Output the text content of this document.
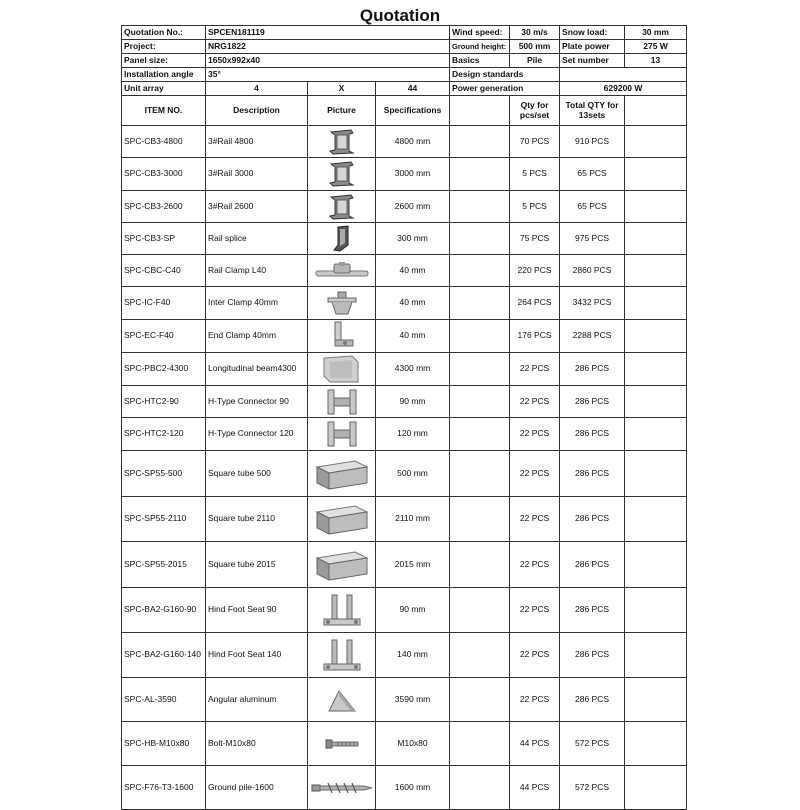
Quotation
Quotation No.:	SPCEN181119			Wind speed:	30 m/s	Snow load:	30 mm
Project:	NRG1822			Ground height:	500 mm	Plate power	275 W
Panel size:	1650x992x40			Basics	Pile	Set number	13
Installation angle	35°			Design standards			
Unit array	4	X	44	Power generation		629200 W	
ITEM NO.	Description	Picture	Specifications		Qty for pcs/set	Total QTY for 13sets	
SPC-CB3-4800	3#Rail 4800		4800 mm		70 PCS	910 PCS	
SPC-CB3-3000	3#Rail 3000		3000 mm		5 PCS	65 PCS	
SPC-CB3-2600	3#Rail 2600		2600 mm		5 PCS	65 PCS	
SPC-CB3-SP	Rail splice		300 mm		75 PCS	975 PCS	
SPC-CBC-C40	Rail Clamp L40		40 mm		220 PCS	2860 PCS	
SPC-IC-F40	Inter Clamp 40mm		40 mm		264 PCS	3432 PCS	
SPC-EC-F40	End Clamp 40mm		40 mm		176 PCS	2288 PCS	
SPC-PBC2-4300	Longitudinal beam4300		4300 mm		22 PCS	286 PCS	
SPC-HTC2-90	H-Type Connector 90		90 mm		22 PCS	286 PCS	
SPC-HTC2-120	H-Type Connector 120		120 mm		22 PCS	286 PCS	
SPC-SP55-500	Square tube 500		500 mm		22 PCS	286 PCS	
SPC-SP55-2110	Square tube 2110		2110 mm		22 PCS	286 PCS	
SPC-SP55-2015	Square tube 2015		2015 mm		22 PCS	286 PCS	
SPC-BA2-G160-90	Hind Foot Seat 90		90 mm		22 PCS	286 PCS	
SPC-BA2-G160-140	Hind Foot Seat 140		140 mm		22 PCS	286 PCS	
SPC-AL-3590	Angular aluminum		3590 mm		22 PCS	286 PCS	
SPC-HB-M10x80	Bolt-M10x80		M10x80		44 PCS	572 PCS	
SPC-F76-T3-1600	Ground pile-1600		1600 mm		44 PCS	572 PCS	
